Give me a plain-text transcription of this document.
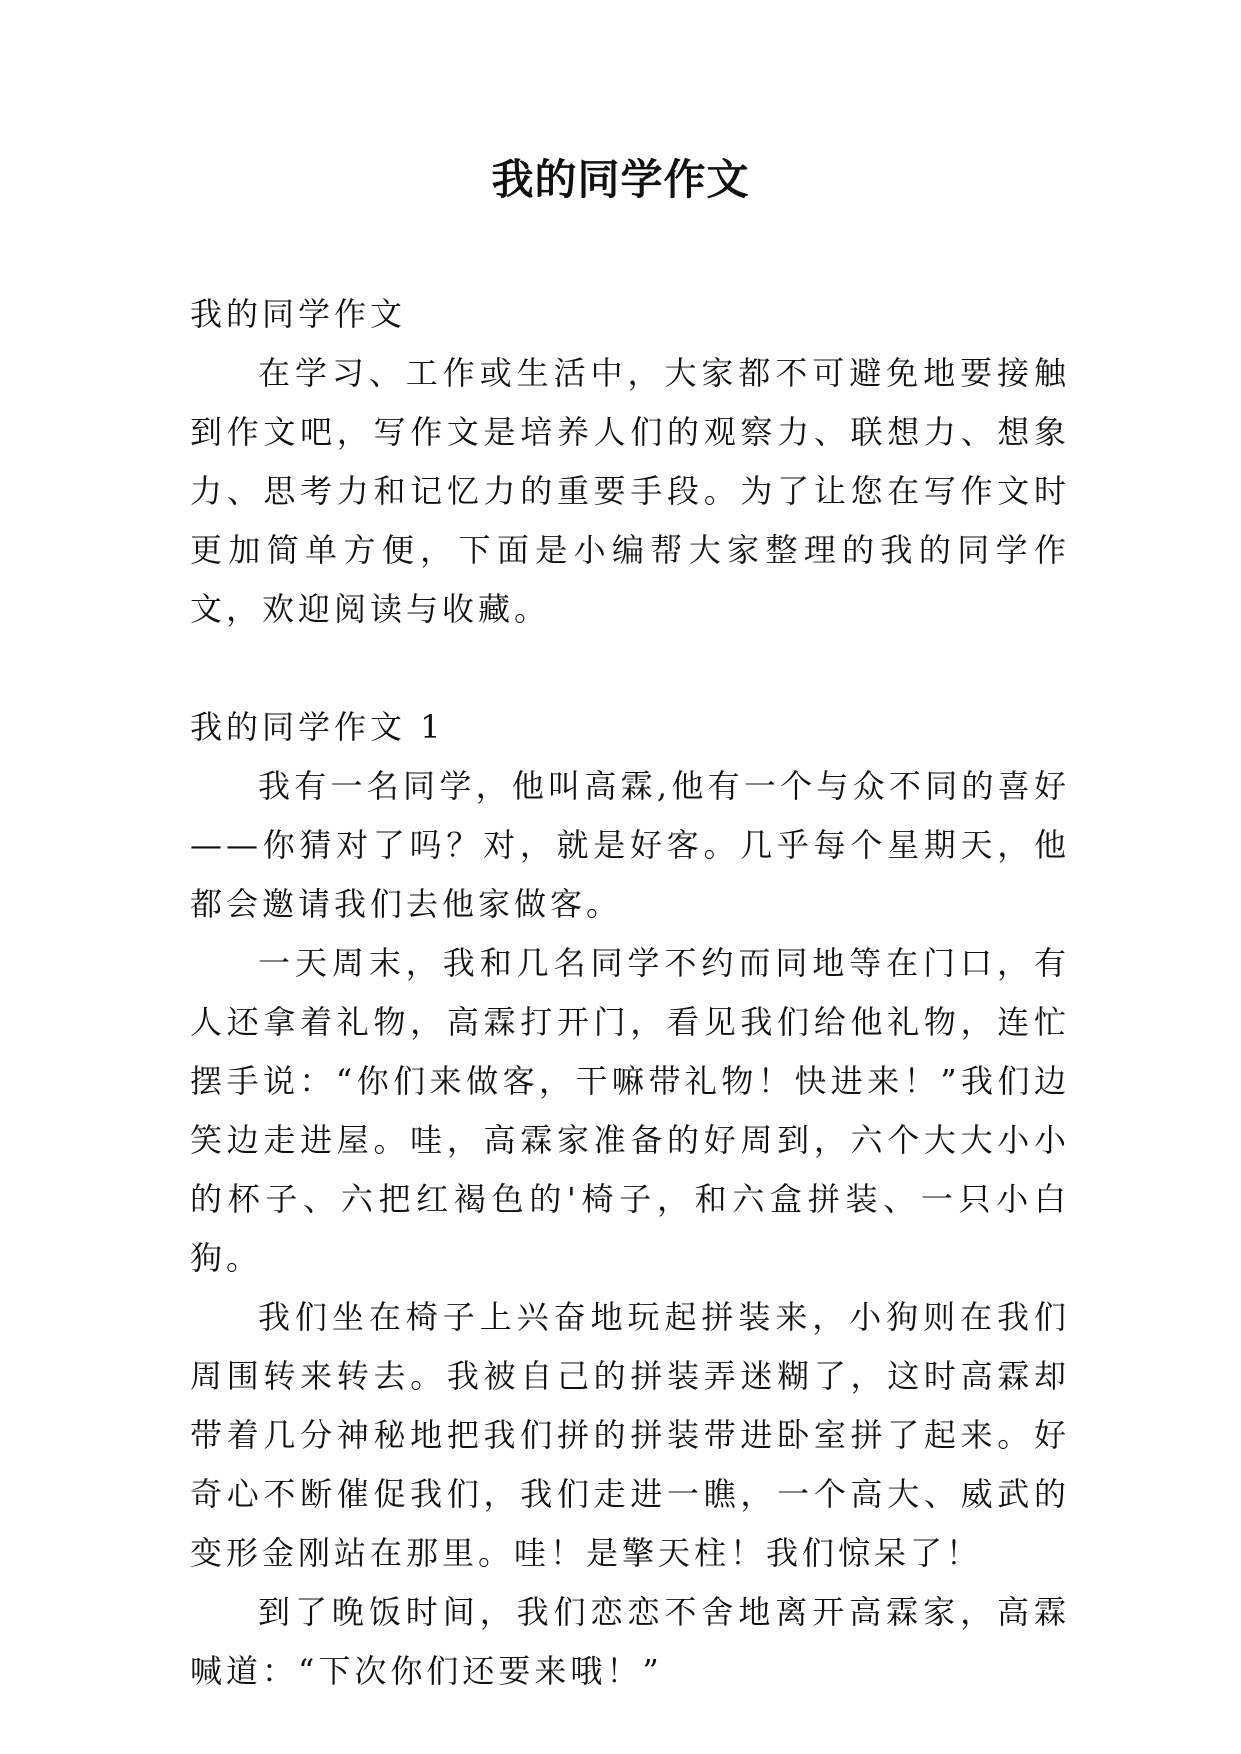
我的同学作文

我的同学作文

在学习、工作或生活中，大家都不可避免地要接触到作文吧，写作文是培养人们的观察力、联想力、想象力、思考力和记忆力的重要手段。为了让您在写作文时更加简单方便，下面是小编帮大家整理的我的同学作文，欢迎阅读与收藏。

我的同学作文 1

我有一名同学，他叫高霖,他有一个与众不同的喜好——你猜对了吗？对，就是好客。几乎每个星期天，他都会邀请我们去他家做客。

一天周末，我和几名同学不约而同地等在门口，有人还拿着礼物，高霖打开门，看见我们给他礼物，连忙摆手说：“你们来做客，干嘛带礼物！快进来！”我们边笑边走进屋。哇，高霖家准备的好周到，六个大大小小的杯子、六把红褐色的'椅子，和六盒拼装、一只小白狗。

我们坐在椅子上兴奋地玩起拼装来，小狗则在我们周围转来转去。我被自己的拼装弄迷糊了，这时高霖却带着几分神秘地把我们拼的拼装带进卧室拼了起来。好奇心不断催促我们，我们走进一瞧，一个高大、威武的变形金刚站在那里。哇！是擎天柱！我们惊呆了！

到了晚饭时间，我们恋恋不舍地离开高霖家，高霖喊道：“下次你们还要来哦！”
